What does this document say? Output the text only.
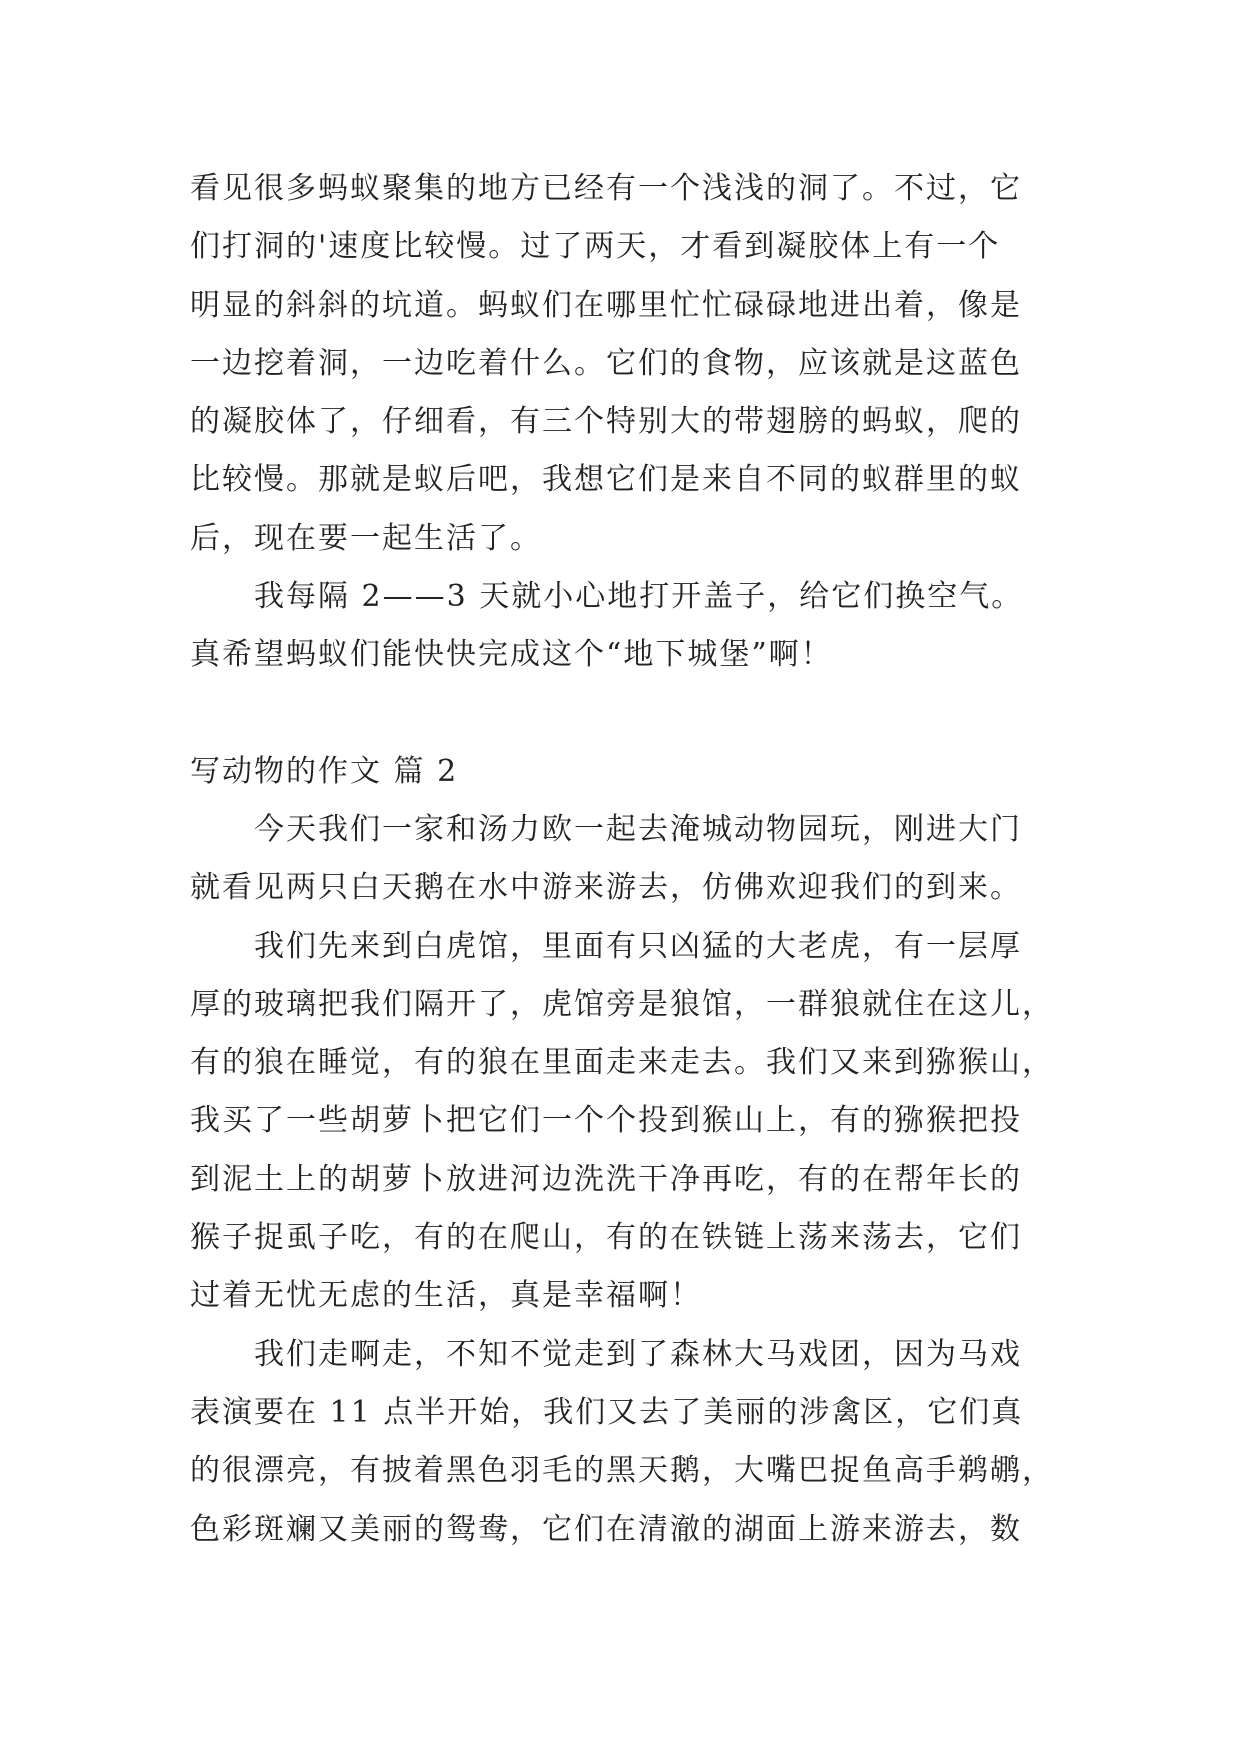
看见很多蚂蚁聚集的地方已经有一个浅浅的洞了。不过，它
们打洞的'速度比较慢。过了两天，才看到凝胶体上有一个
明显的斜斜的坑道。蚂蚁们在哪里忙忙碌碌地进出着，像是
一边挖着洞，一边吃着什么。它们的食物，应该就是这蓝色
的凝胶体了，仔细看，有三个特别大的带翅膀的蚂蚁，爬的
比较慢。那就是蚁后吧，我想它们是来自不同的蚁群里的蚁
后，现在要一起生活了。
我每隔 2——3 天就小心地打开盖子，给它们换空气。
真希望蚂蚁们能快快完成这个“地下城堡”啊！
写动物的作文 篇 2
今天我们一家和汤力欧一起去淹城动物园玩，刚进大门
就看见两只白天鹅在水中游来游去，仿佛欢迎我们的到来。
我们先来到白虎馆，里面有只凶猛的大老虎，有一层厚
厚的玻璃把我们隔开了，虎馆旁是狼馆，一群狼就住在这儿，
有的狼在睡觉，有的狼在里面走来走去。我们又来到猕猴山，
我买了一些胡萝卜把它们一个个投到猴山上，有的猕猴把投
到泥土上的胡萝卜放进河边洗洗干净再吃，有的在帮年长的
猴子捉虱子吃，有的在爬山，有的在铁链上荡来荡去，它们
过着无忧无虑的生活，真是幸福啊！
我们走啊走，不知不觉走到了森林大马戏团，因为马戏
表演要在 11 点半开始，我们又去了美丽的涉禽区，它们真
的很漂亮，有披着黑色羽毛的黑天鹅，大嘴巴捉鱼高手鹈鹕，
色彩斑斓又美丽的鸳鸯，它们在清澈的湖面上游来游去，数
